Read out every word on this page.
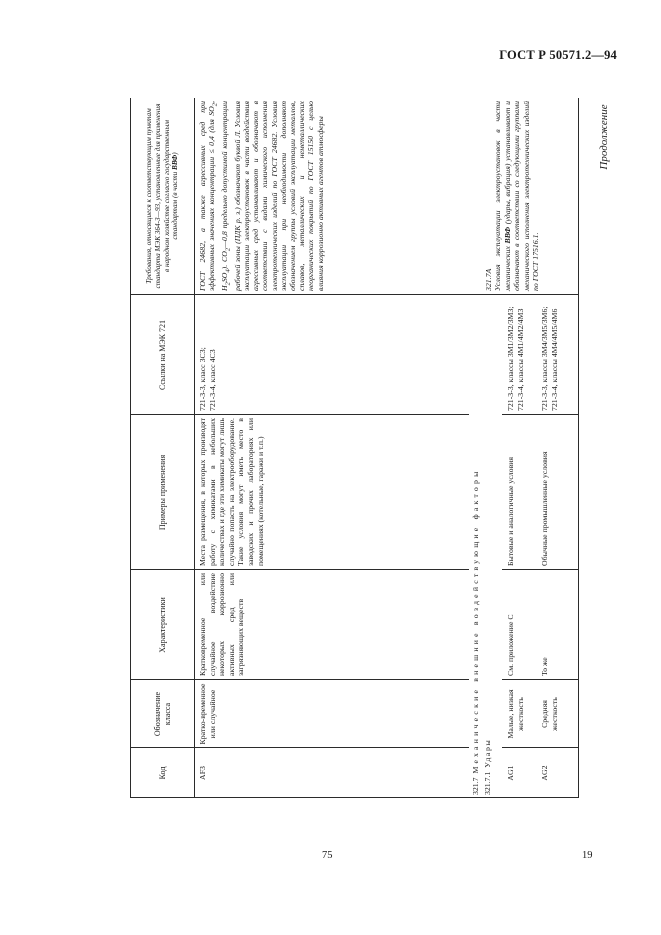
ГОСТ Р 50571.2—94
Продолжение
Обозначение класса
Код
Характеристики
Примеры применения
Ссылки на МЭК 721
Требования, относящиеся к соответствующим пунктам стандарта МЭК 364-3—93, установленные для применения в народном хозяйстве согласно государственным стандартам (в части ВВФ)
AF3
Кратко-временное или случайное
Кратковременное или случайное воздействие некоторых коррозионно активных сред или загрязняющих веществ
Места размещения, в которых производят работу с химикатами в небольших количествах и где эти химикаты могут лишь случайно попасть на электрооборудование. Такие условия могут иметь место в заводских и прочих лабораториях или помещениях (котельные, гаражи и т.п.)
721-3-3, класс 3С3; 721-3-4, класс 4С3
ГОСТ 24682, а также агрессивных сред при эффективных значениях концентрации ≤ 0,4 (для $SO_2$, $H_2SO_4$). $CO_2—0,8$ предельно допустимой концентрации рабочей зоны (ПДК р. з.) обозначают буквой Л. Условия эксплуатации электроустановок в части воздействия агрессивных сред устанавливают и обозначают в соответствии с видами химического исполнения электротехнических изделий по ГОСТ 24682. Условия эксплуатации при необходимости дополняют обозначением группы условий эксплуатации металлов, сплавов, металлических и неметаллических неорганических покрытий по ГОСТ 15150 с целью влияния коррозионно активных агентов атмосферы
321.7  Механические внешние воздействующие факторы
321.7.1  Удары
AG1
Малые, низкая жесткость
См. приложение С
Бытовые и аналогичные условия
721-3-3, классы 3М1/3М2/3М3; 721-3-4, классы 4М1/4М2/4М3
AG2
Средняя жесткость
То же
Обычные промышленные условия
721-3-3, классы 3М4/3М5/3М6; 721-3-4, классы 4М4/4М5/4М6
321.7А Условия эксплуатации электроустановок в части механических ВВФ (удары, вибрация) устанавливают и обозначают в соответствии со следующими группами механического исполнения электротехнических изделий по ГОСТ 17516.1.
75	19
